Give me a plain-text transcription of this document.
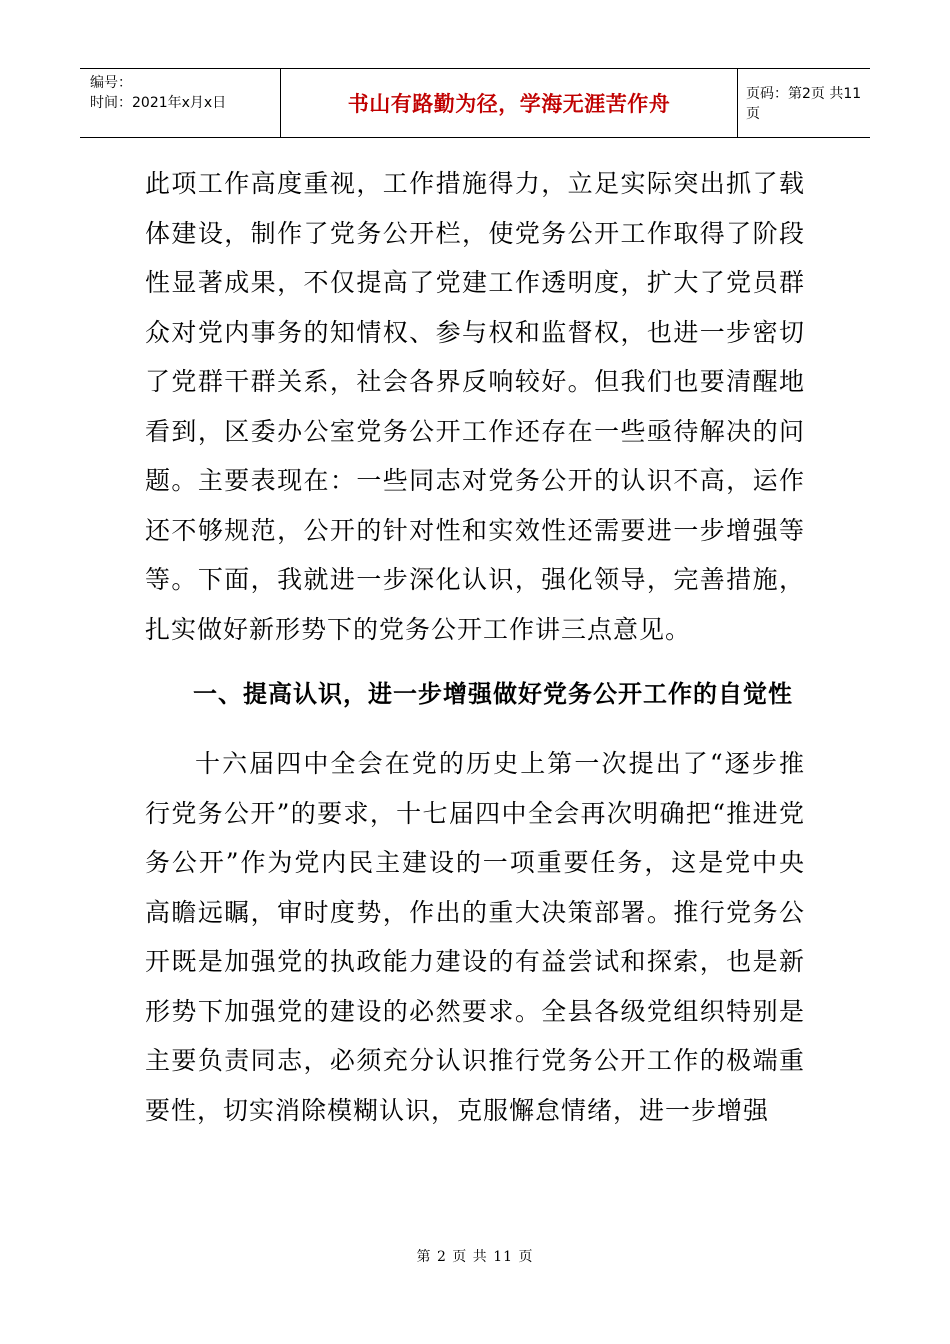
编号：
时间：2021年x月x日	书山有路勤为径，学海无涯苦作舟	页码：第2页 共11页

此项工作高度重视，工作措施得力，立足实际突出抓了载体建设，制作了党务公开栏，使党务公开工作取得了阶段性显著成果，不仅提高了党建工作透明度，扩大了党员群众对党内事务的知情权、参与权和监督权，也进一步密切了党群干群关系，社会各界反响较好。但我们也要清醒地看到，区委办公室党务公开工作还存在一些亟待解决的问题。主要表现在：一些同志对党务公开的认识不高，运作还不够规范，公开的针对性和实效性还需要进一步增强等等。下面，我就进一步深化认识，强化领导，完善措施，扎实做好新形势下的党务公开工作讲三点意见。

一、提高认识，进一步增强做好党务公开工作的自觉性

十六届四中全会在党的历史上第一次提出了“逐步推行党务公开”的要求，十七届四中全会再次明确把“推进党务公开”作为党内民主建设的一项重要任务，这是党中央高瞻远瞩，审时度势，作出的重大决策部署。推行党务公开既是加强党的执政能力建设的有益尝试和探索，也是新形势下加强党的建设的必然要求。全县各级党组织特别是主要负责同志，必须充分认识推行党务公开工作的极端重要性，切实消除模糊认识，克服懈怠情绪，进一步增强

第 2 页 共 11 页
